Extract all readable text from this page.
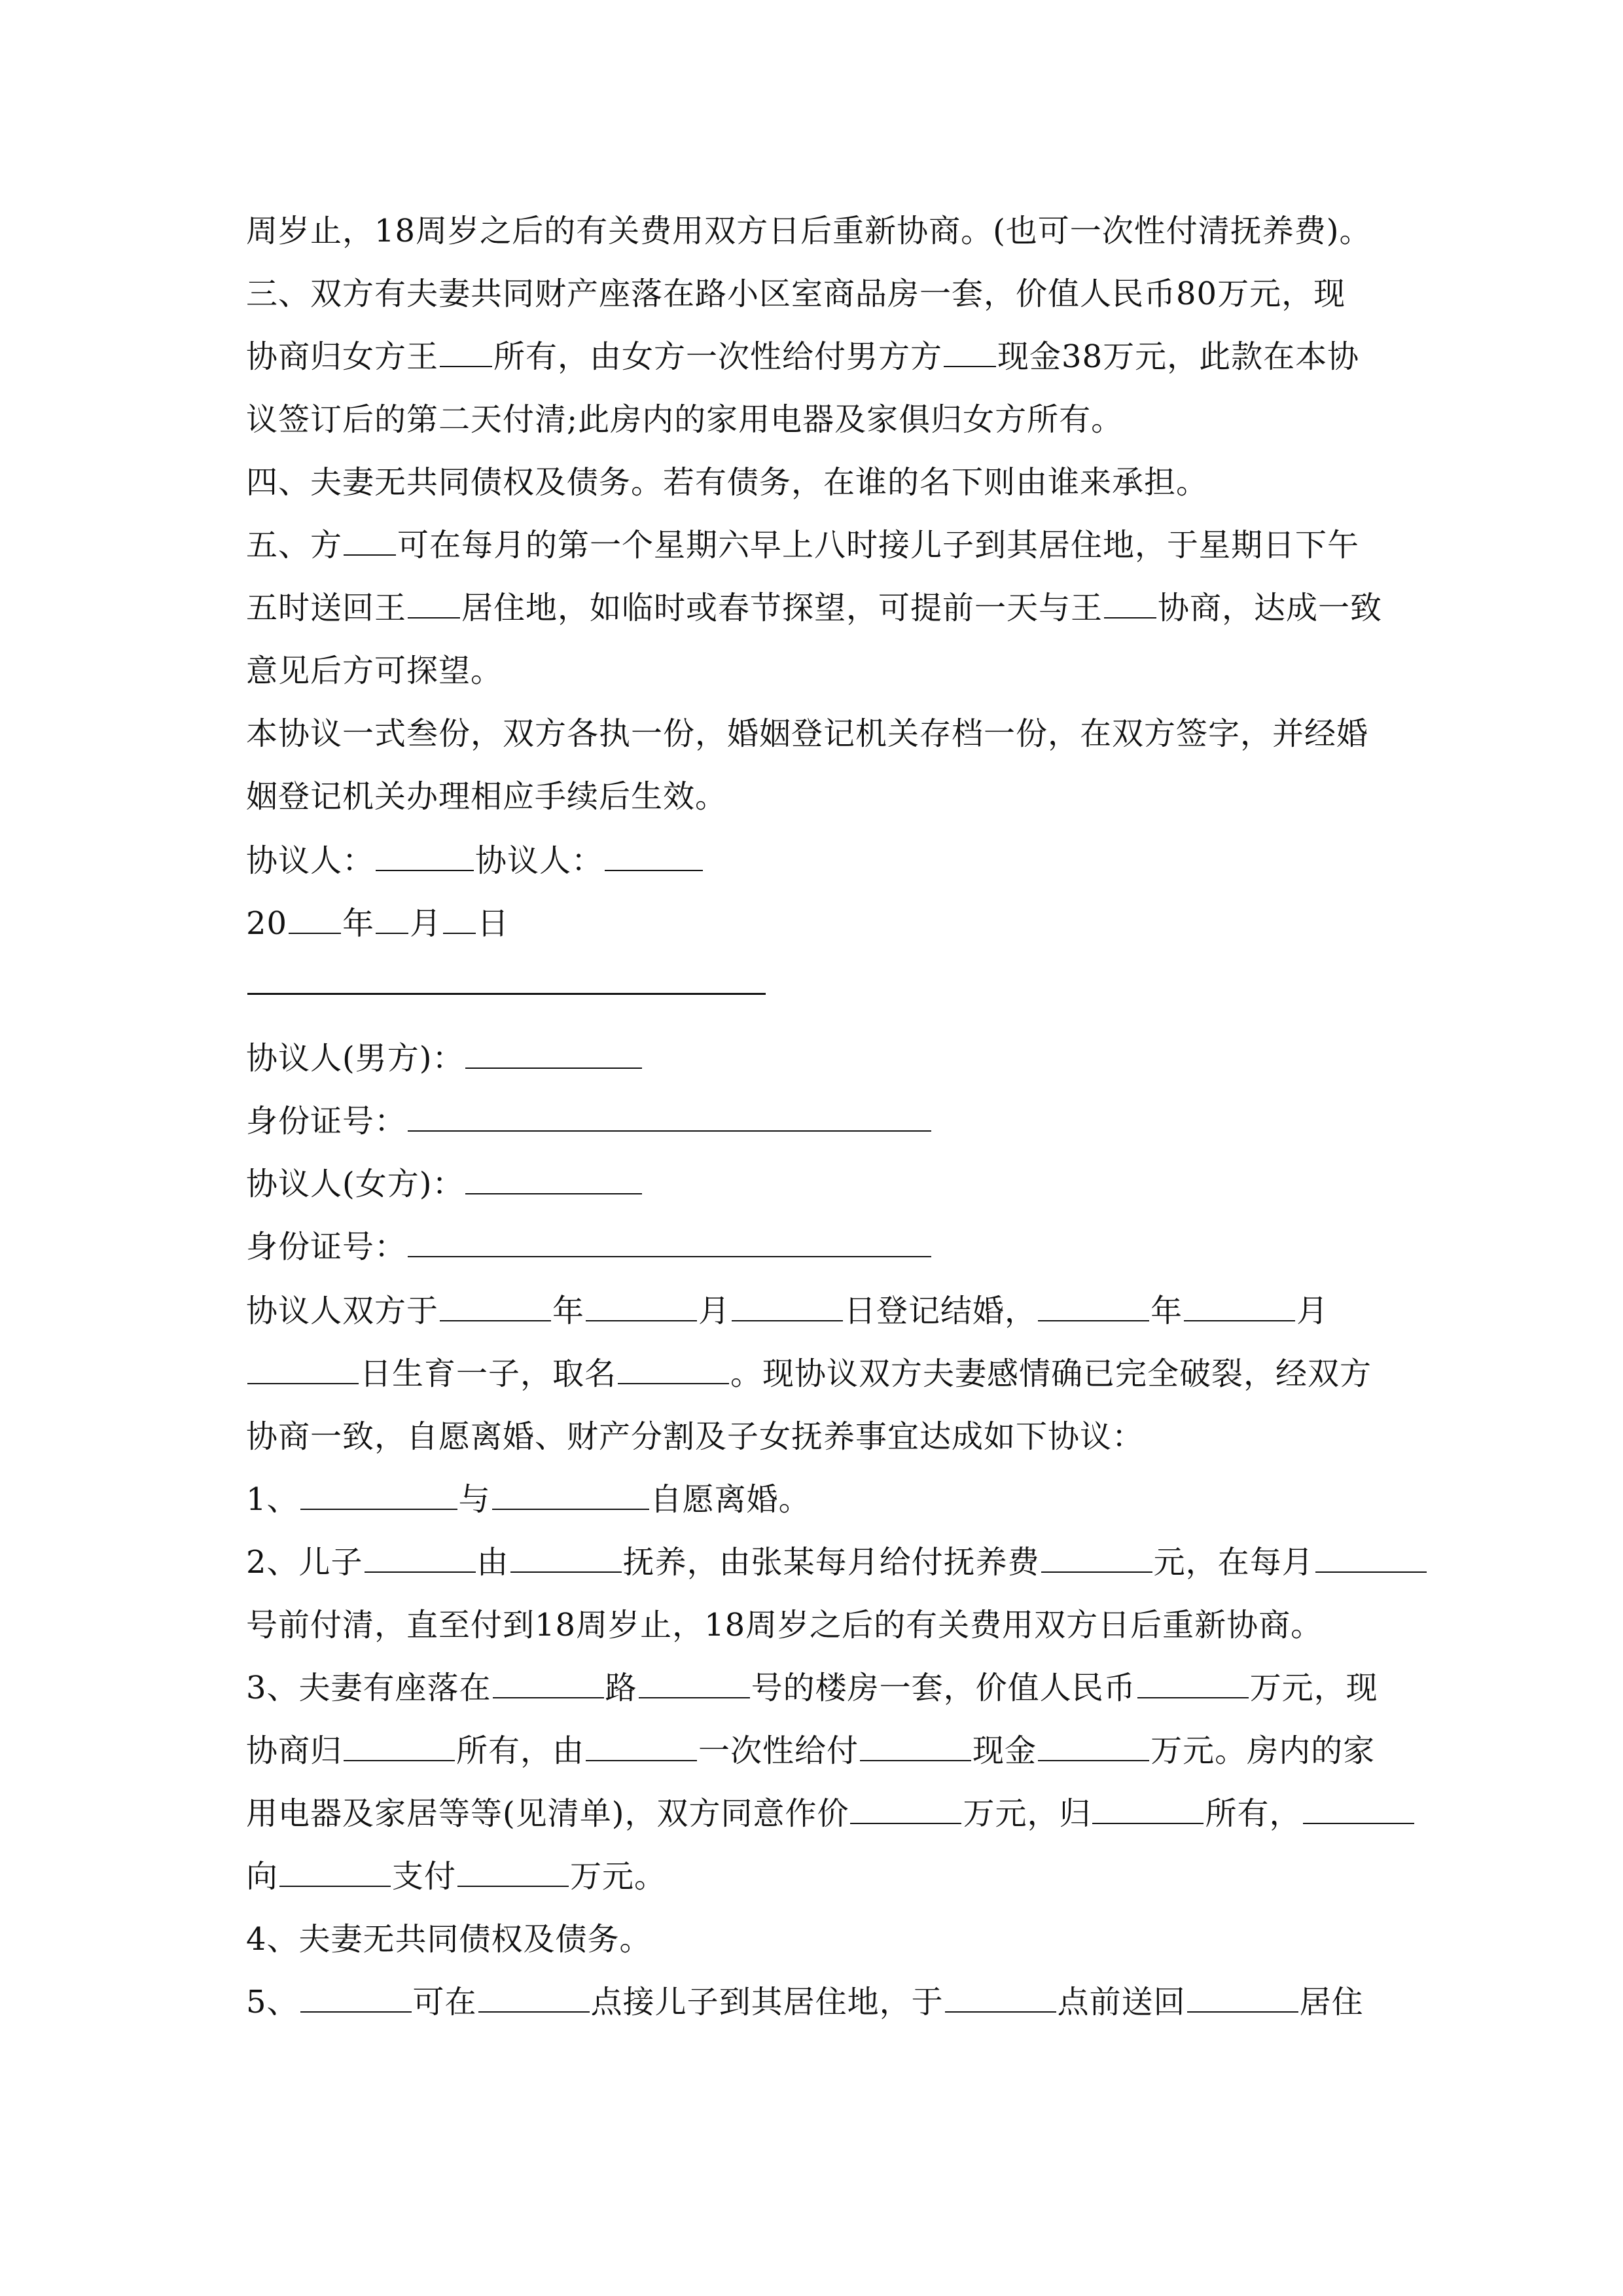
周岁止，18周岁之后的有关费用双方日后重新协商。(也可一次性付清抚养费)。
三、双方有夫妻共同财产座落在路小区室商品房一套，价值人民币80万元，现
协商归女方王 所有，由女方一次性给付男方方 现金38万元，此款在本协
议签订后的第二天付清;此房内的家用电器及家俱归女方所有。
四、夫妻无共同债权及债务。若有债务，在谁的名下则由谁来承担。
五、方 可在每月的第一个星期六早上八时接儿子到其居住地，于星期日下午
五时送回王 居住地，如临时或春节探望，可提前一天与王 协商，达成一致
意见后方可探望。
本协议一式叁份，双方各执一份，婚姻登记机关存档一份，在双方签字，并经婚
姻登记机关办理相应手续后生效。
协议人：	协议人：
20 年 月 日
协议人(男方)：
身份证号：
协议人(女方)：
身份证号：
协议人双方于	年	月	日登记结婚，	年	月
日生育一子，取名	。现协议双方夫妻感情确已完全破裂，经双方
协商一致，自愿离婚、财产分割及子女抚养事宜达成如下协议：
1、	与	自愿离婚。
2、儿子	由	抚养，由张某每月给付抚养费	元，在每月
号前付清，直至付到18周岁止，18周岁之后的有关费用双方日后重新协商。
3、夫妻有座落在	路	号的楼房一套，价值人民币	万元，现
协商归	所有，由	一次性给付	现金	万元。房内的家
用电器及家居等等(见清单)，双方同意作价	万元，归	所有，
向	支付	万元。
4、夫妻无共同债权及债务。
5、	可在	点接儿子到其居住地，于	点前送回	居住
